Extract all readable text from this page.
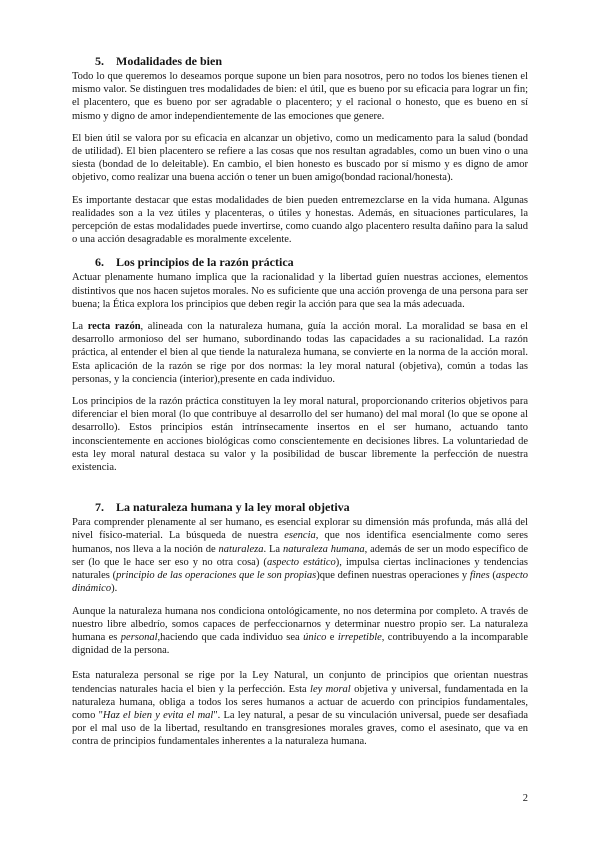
5. Modalidades de bien

Todo lo que queremos lo deseamos porque supone un bien para nosotros, pero no todos los bienes tienen el mismo valor. Se distinguen tres modalidades de bien: el útil, que es bueno por su eficacia para lograr un fin; el placentero, que es bueno por ser agradable o placentero; y el racional o honesto, que es bueno en sí mismo y digno de amor independientemente de las emociones que genere.

El bien útil se valora por su eficacia en alcanzar un objetivo, como un medicamento para la salud (bondad de utilidad). El bien placentero se refiere a las cosas que nos resultan agradables, como un buen vino o una siesta (bondad de lo deleitable). En cambio, el bien honesto es buscado por sí mismo y es digno de amor objetivo, como realizar una buena acción o tener un buen amigo(bondad racional/honesta).

Es importante destacar que estas modalidades de bien pueden entremezclarse en la vida humana. Algunas realidades son a la vez útiles y placenteras, o útiles y honestas. Además, en situaciones particulares, la percepción de estas modalidades puede invertirse, como cuando algo placentero resulta dañino para la salud o una acción desagradable es moralmente excelente.

6. Los principios de la razón práctica

Actuar plenamente humano implica que la racionalidad y la libertad guíen nuestras acciones, elementos distintivos que nos hacen sujetos morales. No es suficiente que una acción provenga de una persona para ser buena; la Ética explora los principios que deben regir la acción para que sea la más adecuada.

La recta razón, alineada con la naturaleza humana, guía la acción moral. La moralidad se basa en el desarrollo armonioso del ser humano, subordinando todas las capacidades a su racionalidad. La razón práctica, al entender el bien al que tiende la naturaleza humana, se convierte en la norma de la acción moral. Esta aplicación de la razón se rige por dos normas: la ley moral natural (objetiva), común a todas las personas, y la conciencia (interior),presente en cada individuo.

Los principios de la razón práctica constituyen la ley moral natural, proporcionando criterios objetivos para diferenciar el bien moral (lo que contribuye al desarrollo del ser humano) del mal moral (lo que se opone al desarrollo). Estos principios están intrínsecamente insertos en el ser humano, actuando tanto inconscientemente en acciones biológicas como conscientemente en decisiones libres. La voluntariedad de esta ley moral natural destaca su valor y la posibilidad de buscar libremente la perfección de nuestra existencia.

7. La naturaleza humana y la ley moral objetiva

Para comprender plenamente al ser humano, es esencial explorar su dimensión más profunda, más allá del nivel físico-material. La búsqueda de nuestra esencia, que nos identifica esencialmente como seres humanos, nos lleva a la noción de naturaleza. La naturaleza humana, además de ser un modo específico de ser (lo que le hace ser eso y no otra cosa) (aspecto estático), impulsa ciertas inclinaciones y tendencias naturales (principio de las operaciones que le son propias)que definen nuestras operaciones y fines (aspecto dinámico).

Aunque la naturaleza humana nos condiciona ontológicamente, no nos determina por completo. A través de nuestro libre albedrío, somos capaces de perfeccionarnos y determinar nuestro propio ser. La naturaleza humana es personal,haciendo que cada individuo sea único e irrepetible, contribuyendo a la incomparable dignidad de la persona.

Esta naturaleza personal se rige por la Ley Natural, un conjunto de principios que orientan nuestras tendencias naturales hacia el bien y la perfección. Esta ley moral objetiva y universal, fundamentada en la naturaleza humana, obliga a todos los seres humanos a actuar de acuerdo con principios fundamentales, como "Haz el bien y evita el mal". La ley natural, a pesar de su vinculación universal, puede ser desafiada por el mal uso de la libertad, resultando en transgresiones morales graves, como el asesinato, que va en contra de principios fundamentales inherentes a la naturaleza humana.

2
